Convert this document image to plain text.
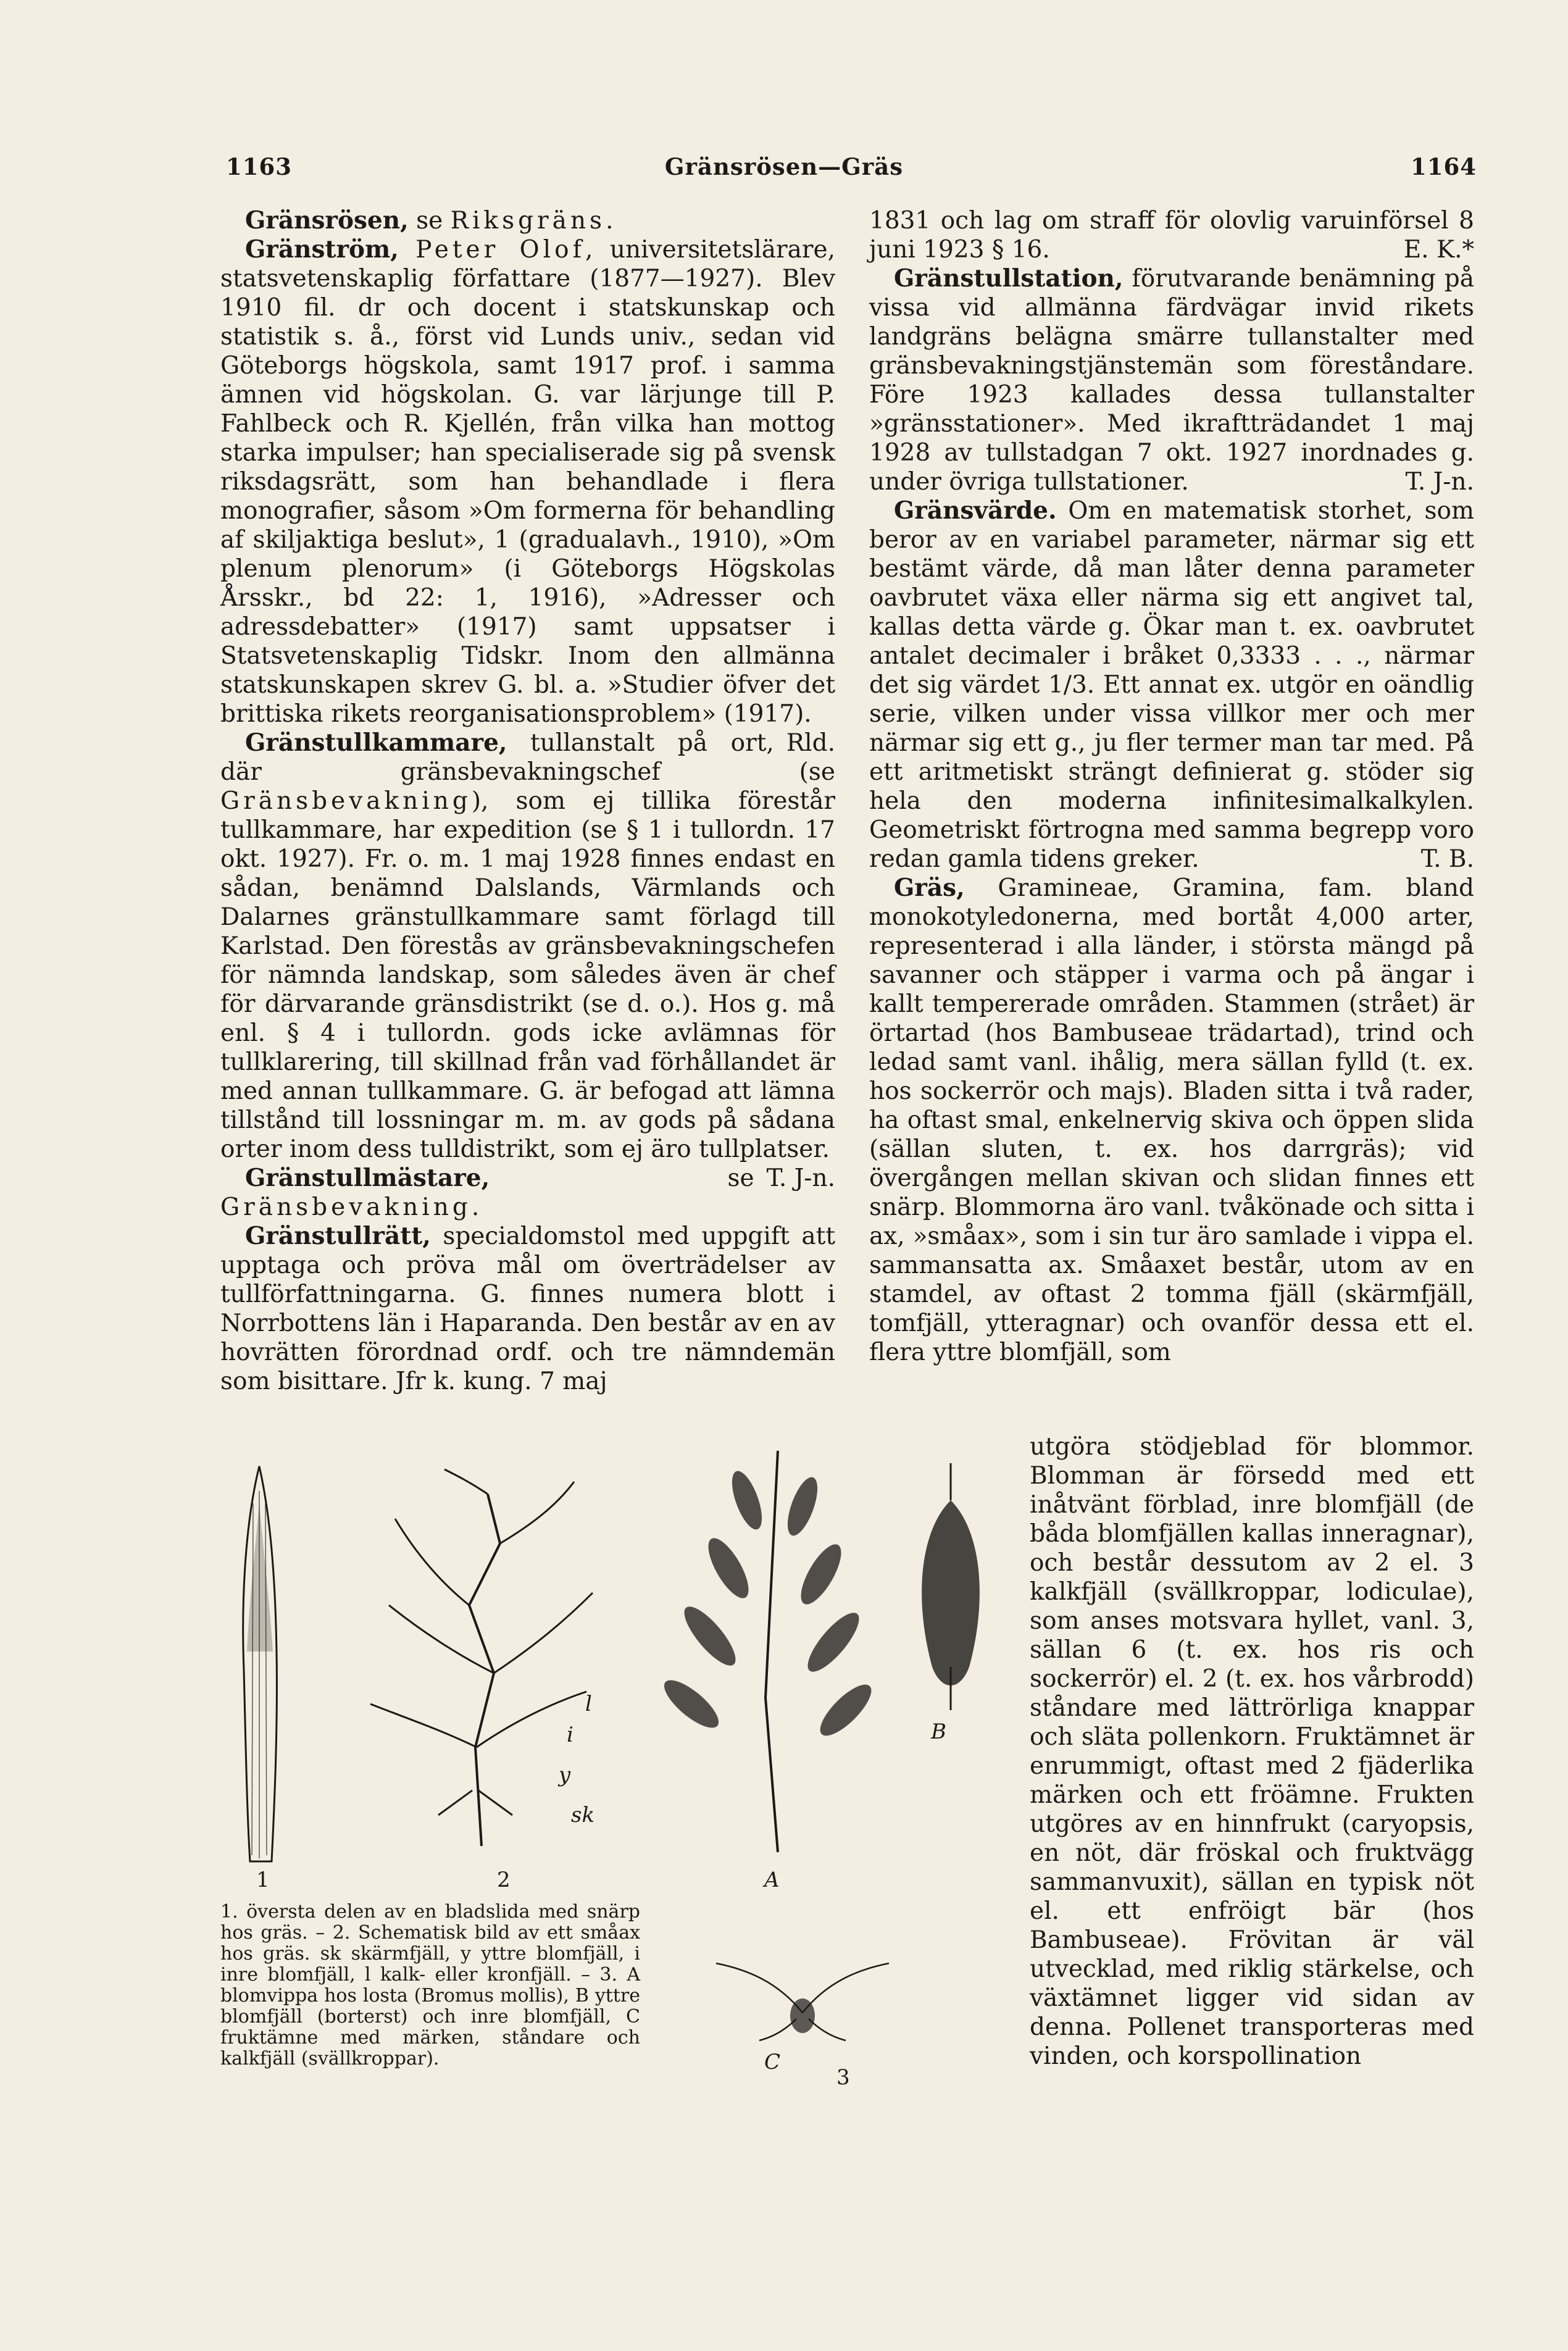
1163	Gränsrösen—Gräs	1164

Gränsrösen, se Riksgräns.

Gränström, Peter Olof, universitetslärare, statsvetenskaplig författare (1877—1927). Blev 1910 fil. dr och docent i statskunskap och statistik s. å., först vid Lunds univ., sedan vid Göteborgs högskola, samt 1917 prof. i samma ämnen vid högskolan. G. var lärjunge till P. Fahlbeck och R. Kjellén, från vilka han mottog starka impulser; han specialiserade sig på svensk riksdagsrätt, som han behandlade i flera monografier, såsom »Om formerna för behandling af skiljaktiga beslut», 1 (gradualavh., 1910), »Om plenum plenorum» (i Göteborgs Högskolas Årsskr., bd 22: 1, 1916), »Adresser och adressdebatter» (1917) samt uppsatser i Statsvetenskaplig Tidskr. Inom den allmänna statskunskapen skrev G. bl. a. »Studier öfver det brittiska rikets reorganisationsproblem» (1917).
Rld.

Gränstullkammare, tullanstalt på ort, där gränsbevakningschef (se Gränsbevakning), som ej tillika förestår tullkammare, har expedition (se § 1 i tullordn. 17 okt. 1927). Fr. o. m. 1 maj 1928 finnes endast en sådan, benämnd Dalslands, Värmlands och Dalarnes gränstullkammare samt förlagd till Karlstad. Den förestås av gränsbevakningschefen för nämnda landskap, som således även är chef för därvarande gränsdistrikt (se d. o.). Hos g. må enl. § 4 i tullordn. gods icke avlämnas för tullklarering, till skillnad från vad förhållandet är med annan tullkammare. G. är befogad att lämna tillstånd till lossningar m. m. av gods på sådana orter inom dess tulldistrikt, som ej äro tullplatser.
T. J-n.

Gränstullmästare, se Gränsbevakning.

Gränstullrätt, specialdomstol med uppgift att upptaga och pröva mål om överträdelser av tullförfattningarna. G. finnes numera blott i Norrbottens län i Haparanda. Den består av en av hovrätten förordnad ordf. och tre nämndemän som bisittare. Jfr k. kung. 7 maj

1831 och lag om straff för olovlig varuinförsel 8 juni 1923 § 16.	E. K.*

Gränstullstation, förutvarande benämning på vissa vid allmänna färdvägar invid rikets landgräns belägna smärre tullanstalter med gränsbevakningstjänstemän som föreståndare. Före 1923 kallades dessa tullanstalter »gränsstationer». Med ikraftträdandet 1 maj 1928 av tullstadgan 7 okt. 1927 inordnades g. under övriga tullstationer.	T. J-n.

Gränsvärde. Om en matematisk storhet, som beror av en variabel parameter, närmar sig ett bestämt värde, då man låter denna parameter oavbrutet växa eller närma sig ett angivet tal, kallas detta värde g. Ökar man t. ex. oavbrutet antalet decimaler i bråket 0,3333 . . ., närmar det sig värdet 1/3. Ett annat ex. utgör en oändlig serie, vilken under vissa villkor mer och mer närmar sig ett g., ju fler termer man tar med. På ett aritmetiskt strängt definierat g. stöder sig hela den moderna infinitesimalkalkylen. Geometriskt förtrogna med samma begrepp voro redan gamla tidens greker.	T. B.

Gräs, Gramineae, Gramina, fam. bland monokotyledonerna, med bortåt 4,000 arter, representerad i alla länder, i största mängd på savanner och stäpper i varma och på ängar i kallt tempererade områden. Stammen (strået) är örtartad (hos Bambuseae trädartad), trind och ledad samt vanl. ihålig, mera sällan fylld (t. ex. hos sockerrör och majs). Bladen sitta i två rader, ha oftast smal, enkelnervig skiva och öppen slida (sällan sluten, t. ex. hos darrgräs); vid övergången mellan skivan och slidan finnes ett snärp. Blommorna äro vanl. tvåkönade och sitta i ax, »småax», som i sin tur äro samlade i vippa el. sammansatta ax. Småaxet består, utom av en stamdel, av oftast 2 tomma fjäll (skärmfjäll, tomfjäll, ytteragnar) och ovanför dessa ett el. flera yttre blomfjäll, som

utgöra stödjeblad för blommor. Blomman är försedd med ett inåtvänt förblad, inre blomfjäll (de båda blomfjällen kallas inneragnar), och består dessutom av 2 el. 3 kalkfjäll (svällkroppar, lodiculae), som anses motsvara hyllet, vanl. 3, sällan 6 (t. ex. hos ris och sockerrör) el. 2 (t. ex. hos vårbrodd) ståndare med lättrörliga knappar och släta pollenkorn. Fruktämnet är enrummigt, oftast med 2 fjäderlika märken och ett fröämne. Frukten utgöres av en hinnfrukt (caryopsis, en nöt, där fröskal och fruktvägg sammanvuxit), sällan en typisk nöt el. ett enfröigt bär (hos Bambuseae). Frövitan är väl utvecklad, med riklig stärkelse, och växtämnet ligger vid sidan av denna. Pollenet transporteras med vinden, och korspollination
1
l
i
y
sk
2	A
B
C
3
1. översta delen av en bladslida med snärp hos gräs. – 2. Schematisk bild av ett småax hos gräs. sk skärmfjäll, y yttre blomfjäll, i inre blomfjäll, l kalk- eller kronfjäll. – 3. A blomvippa hos losta (Bromus mollis), B yttre blomfjäll (borterst) och inre blomfjäll, C fruktämne med märken, ståndare och kalkfjäll (svällkroppar).
